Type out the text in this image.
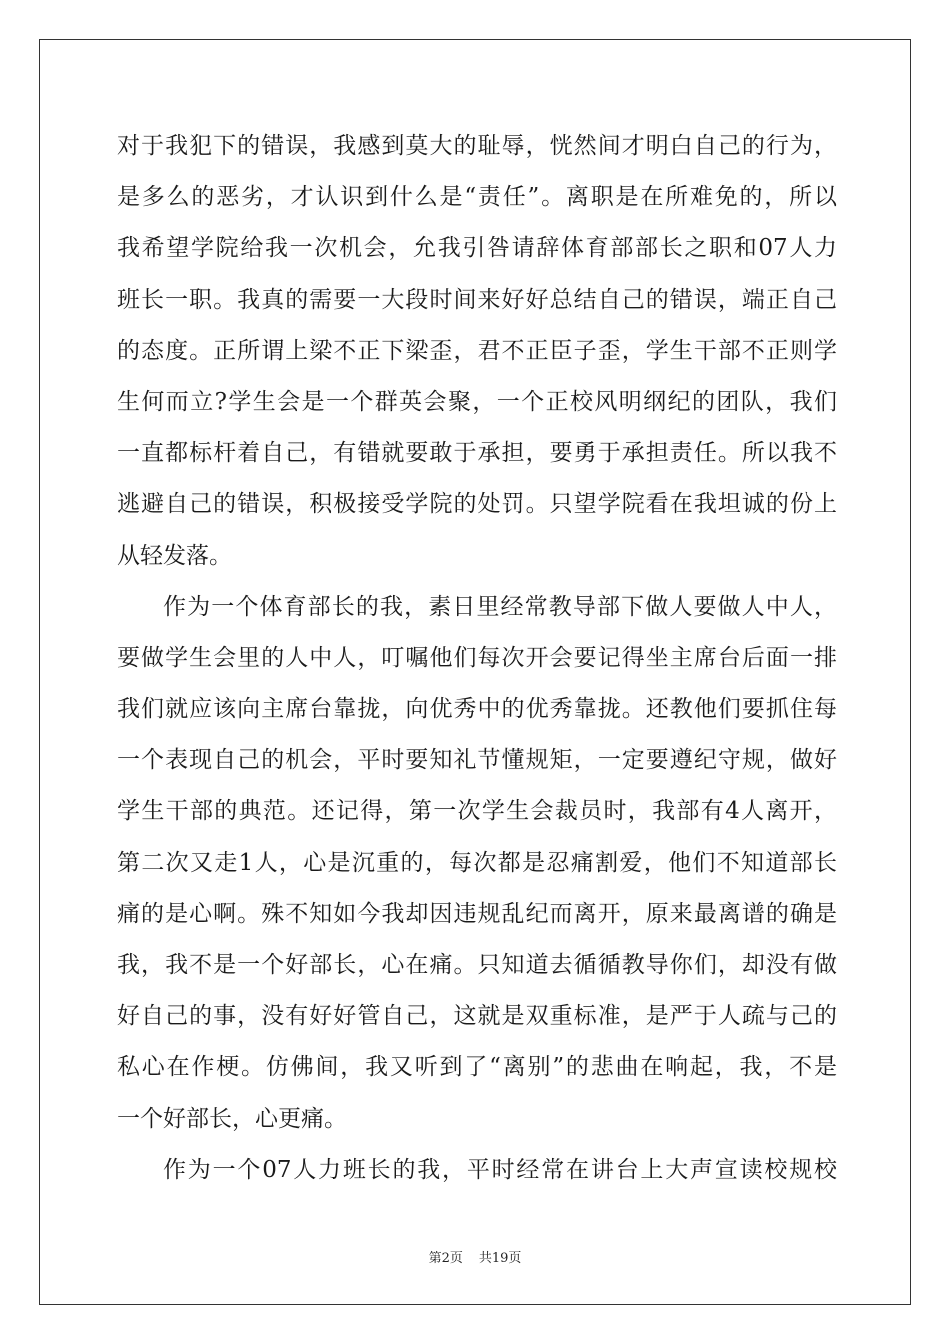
对于我犯下的错误，我感到莫大的耻辱，恍然间才明白自己的行为，
是多么的恶劣，才认识到什么是“责任”。离职是在所难免的，所以
我希望学院给我一次机会，允我引咎请辞体育部部长之职和07人力
班长一职。我真的需要一大段时间来好好总结自己的错误，端正自己
的态度。正所谓上梁不正下梁歪，君不正臣子歪，学生干部不正则学
生何而立?学生会是一个群英会聚，一个正校风明纲纪的团队，我们
一直都标杆着自己，有错就要敢于承担，要勇于承担责任。所以我不
逃避自己的错误，积极接受学院的处罚。只望学院看在我坦诚的份上
从轻发落。
作为一个体育部长的我，素日里经常教导部下做人要做人中人，
要做学生会里的人中人，叮嘱他们每次开会要记得坐主席台后面一排
我们就应该向主席台靠拢，向优秀中的优秀靠拢。还教他们要抓住每
一个表现自己的机会，平时要知礼节懂规矩，一定要遵纪守规，做好
学生干部的典范。还记得，第一次学生会裁员时，我部有4人离开，
第二次又走1人，心是沉重的，每次都是忍痛割爱，他们不知道部长
痛的是心啊。殊不知如今我却因违规乱纪而离开，原来最离谱的确是
我，我不是一个好部长，心在痛。只知道去循循教导你们，却没有做
好自己的事，没有好好管自己，这就是双重标准，是严于人疏与己的
私心在作梗。仿佛间，我又听到了“离别”的悲曲在响起，我，不是
一个好部长，心更痛。
作为一个07人力班长的我，平时经常在讲台上大声宣读校规校
第2页 共19页
